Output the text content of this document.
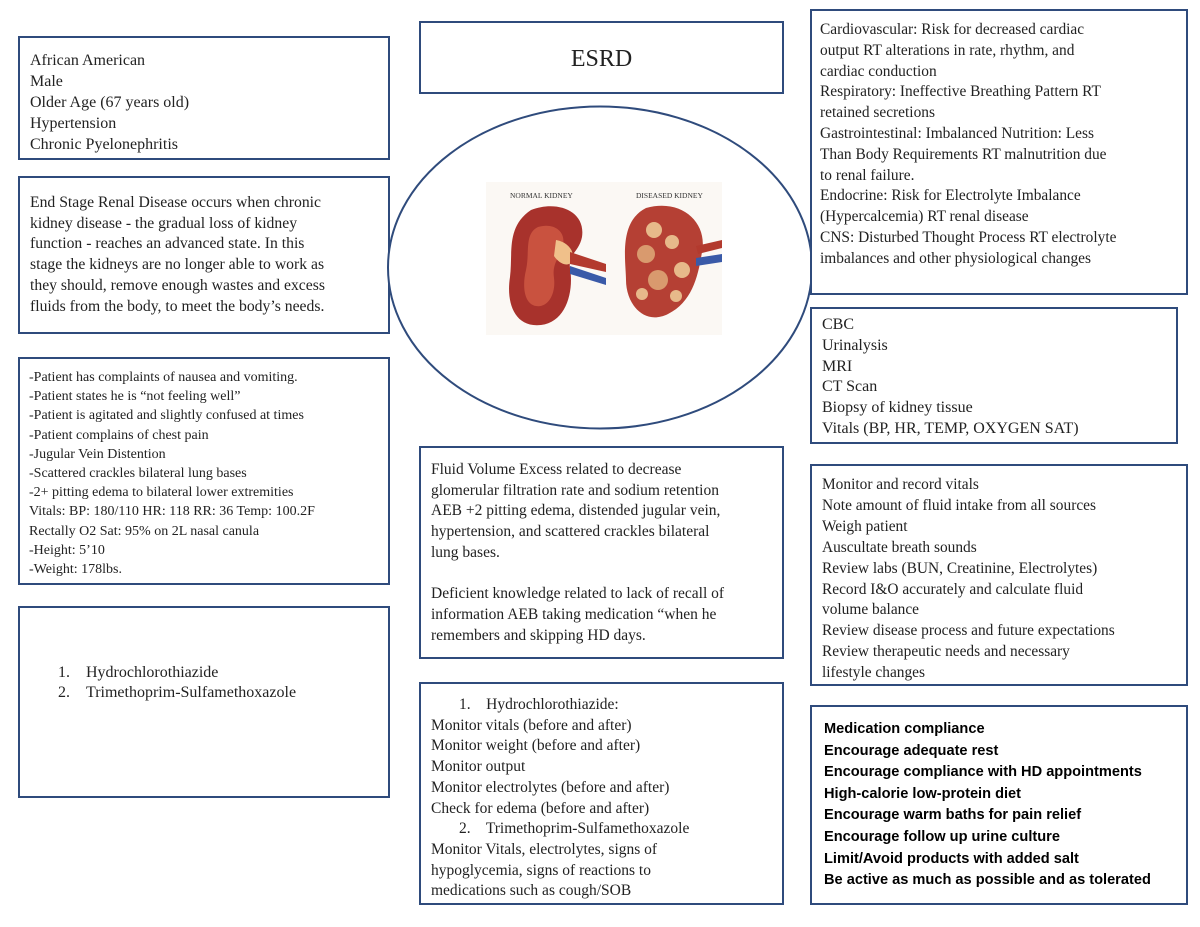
African American
Male
Older Age (67 years old)
Hypertension
Chronic Pyelonephritis
ESRD
End Stage Renal Disease occurs when chronic
kidney disease - the gradual loss of kidney
function - reaches an advanced state. In this
stage the kidneys are no longer able to work as
they should, remove enough wastes and excess
fluids from the body, to meet the body’s needs.
-Patient has complaints of nausea and vomiting.
-Patient states he is “not feeling well”
-Patient is agitated and slightly confused at times
-Patient complains of chest pain
-Jugular Vein Distention
-Scattered crackles bilateral lung bases
-2+ pitting edema to bilateral lower extremities
Vitals: BP: 180/110 HR: 118 RR: 36 Temp: 100.2F
Rectally O2 Sat: 95% on 2L nasal canula
-Height: 5’10
-Weight: 178lbs.
1. Hydrochlorothiazide
2. Trimethoprim-Sulfamethoxazole
NORMAL KIDNEY	DISEASED KIDNEY
Fluid Volume Excess related to decrease
glomerular filtration rate and sodium retention
AEB +2 pitting edema, distended jugular vein,
hypertension, and scattered crackles bilateral
lung bases.
Deficient knowledge related to lack of recall of
information AEB taking medication “when he
remembers and skipping HD days.
1.    Hydrochlorothiazide:
Monitor vitals (before and after)
Monitor weight (before and after)
Monitor output
Monitor electrolytes (before and after)
Check for edema (before and after)
2.    Trimethoprim-Sulfamethoxazole
Monitor Vitals, electrolytes, signs of
hypoglycemia, signs of reactions to
medications such as cough/SOB
Cardiovascular: Risk for decreased cardiac
output RT alterations in rate, rhythm, and
cardiac conduction
Respiratory: Ineffective Breathing Pattern RT
retained secretions
Gastrointestinal: Imbalanced Nutrition: Less
Than Body Requirements RT malnutrition due
to renal failure.
Endocrine: Risk for Electrolyte Imbalance
(Hypercalcemia) RT renal disease
CNS: Disturbed Thought Process RT electrolyte
imbalances and other physiological changes
CBC
Urinalysis
MRI
CT Scan
Biopsy of kidney tissue
Vitals (BP, HR, TEMP, OXYGEN SAT)
Monitor and record vitals
Note amount of fluid intake from all sources
Weigh patient
Auscultate breath sounds
Review labs (BUN, Creatinine, Electrolytes)
Record I&O accurately and calculate fluid
volume balance
Review disease process and future expectations
Review therapeutic needs and necessary
lifestyle changes
Medication compliance
Encourage adequate rest
Encourage compliance with HD appointments
High-calorie low-protein diet
Encourage warm baths for pain relief
Encourage follow up urine culture
Limit/Avoid products with added salt
Be active as much as possible and as tolerated
